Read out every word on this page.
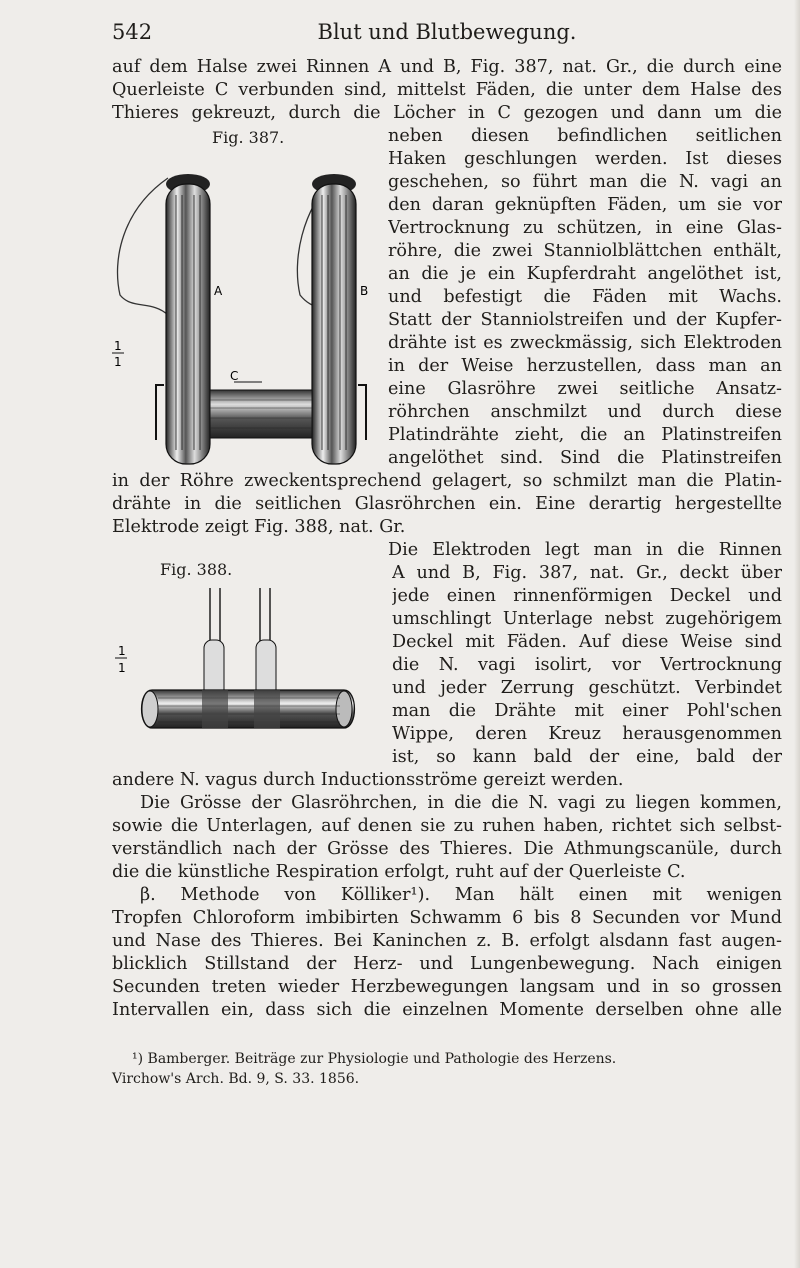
542	Blut und Blutbewegung.
auf dem Halse zwei Rinnen A und B, Fig. 387, nat. Gr., die durch eine
Querleiste C verbunden sind, mittelst Fäden, die unter dem Halse des
Thieres gekreuzt, durch die Löcher in C gezogen und dann um die
neben diesen befindlichen seitlichen
Haken geschlungen werden. Ist dieses
geschehen, so führt man die N. vagi an
den daran geknüpften Fäden, um sie vor
Vertrocknung zu schützen, in eine Glas-
röhre, die zwei Stanniolblättchen enthält,
an die je ein Kupferdraht angelöthet ist,
und befestigt die Fäden mit Wachs.
Statt der Stanniolstreifen und der Kupfer-
drähte ist es zweckmässig, sich Elektroden
in der Weise herzustellen, dass man an
eine Glasröhre zwei seitliche Ansatz-
röhrchen anschmilzt und durch diese
Platindrähte zieht, die an Platinstreifen
angelöthet sind. Sind die Platinstreifen
in der Röhre zweckentsprechend gelagert, so schmilzt man die Platin-
drähte in die seitlichen Glasröhrchen ein. Eine derartig hergestellte
Elektrode zeigt Fig. 388, nat. Gr.
Die Elektroden legt man in die Rinnen
A und B, Fig. 387, nat. Gr., deckt über
jede einen rinnenförmigen Deckel und
umschlingt Unterlage nebst zugehörigem
Deckel mit Fäden. Auf diese Weise sind
die N. vagi isolirt, vor Vertrocknung
und jeder Zerrung geschützt. Verbindet
man die Drähte mit einer Pohl'schen
Wippe, deren Kreuz herausgenommen
ist, so kann bald der eine, bald der
andere N. vagus durch Inductionsströme gereizt werden.
Die Grösse der Glasröhrchen, in die die N. vagi zu liegen kommen,
sowie die Unterlagen, auf denen sie zu ruhen haben, richtet sich selbst-
verständlich nach der Grösse des Thieres. Die Athmungscanüle, durch
die die künstliche Respiration erfolgt, ruht auf der Querleiste C.
β. Methode von Kölliker¹). Man hält einen mit wenigen
Tropfen Chloroform imbibirten Schwamm 6 bis 8 Secunden vor Mund
und Nase des Thieres. Bei Kaninchen z. B. erfolgt alsdann fast augen-
blicklich Stillstand der Herz- und Lungenbewegung. Nach einigen
Secunden treten wieder Herzbewegungen langsam und in so grossen
Intervallen ein, dass sich die einzelnen Momente derselben ohne alle
Fig. 387.
A	B
C
1
1
Fig. 388.
1
1
¹) Bamberger. Beiträge zur Physiologie und Pathologie des Herzens.
Virchow's Arch. Bd. 9, S. 33. 1856.
